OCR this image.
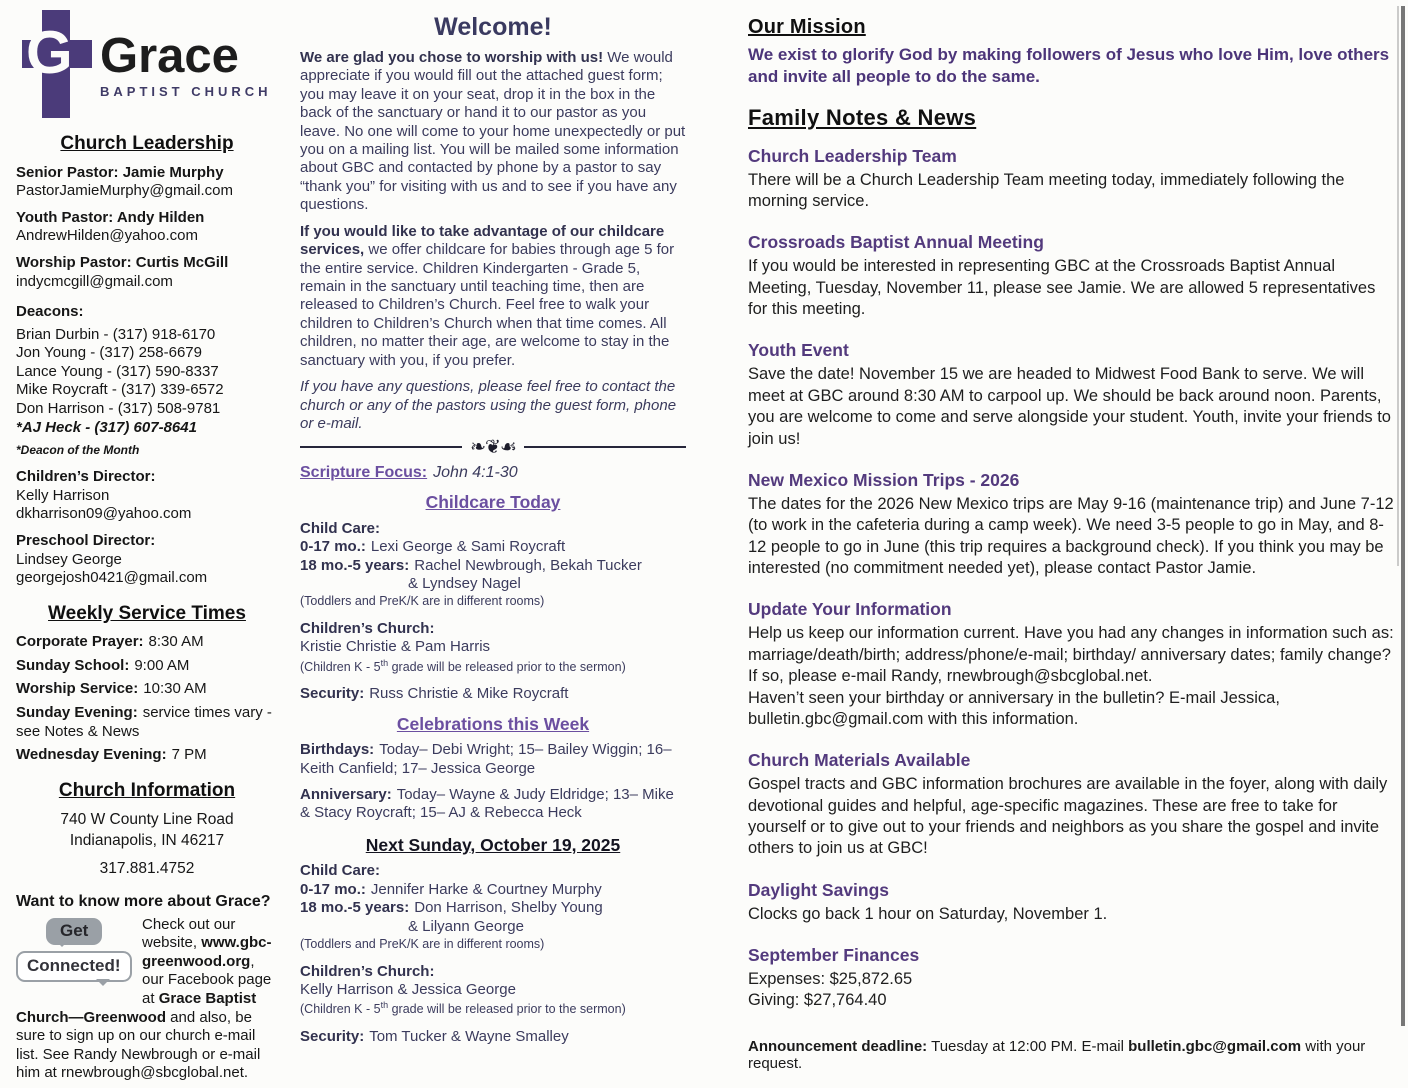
G Grace
BAPTIST CHURCH
Church Leadership
Senior Pastor: Jamie Murphy
PastorJamieMurphy@gmail.com
Youth Pastor: Andy Hilden
AndrewHilden@yahoo.com
Worship Pastor: Curtis McGill
indycmcgill@gmail.com
Deacons:
Brian Durbin - (317) 918-6170
Jon Young - (317) 258-6679
Lance Young - (317) 590-8337
Mike Roycraft - (317) 339-6572
Don Harrison - (317) 508-9781
*AJ Heck - (317) 607-8641
*Deacon of the Month
Children’s Director:
Kelly Harrison
dkharrison09@yahoo.com
Preschool Director:
Lindsey George
georgejosh0421@gmail.com
Weekly Service Times
Corporate Prayer: 8:30 AM
Sunday School: 9:00 AM
Worship Service: 10:30 AM
Sunday Evening: service times vary - see Notes & News
Wednesday Evening: 7 PM
Church Information
740 W County Line Road
Indianapolis, IN 46217
317.881.4752
Want to know more about Grace?
Get
Connected!
Check out our website, www.gbc-greenwood.org, our Facebook page at Grace Baptist Church—Greenwood and also, be sure to sign up on our church e-mail list. See Randy Newbrough or e-mail him at rnewbrough@sbcglobal.net.
Welcome!
We are glad you chose to worship with us! We would appreciate if you would fill out the attached guest form; you may leave it on your seat, drop it in the box in the back of the sanctuary or hand it to our pastor as you leave. No one will come to your home unexpectedly or put you on a mailing list. You will be mailed some information about GBC and contacted by phone by a pastor to say “thank you” for visiting with us and to see if you have any questions.
If you would like to take advantage of our childcare services, we offer childcare for babies through age 5 for the entire service. Children Kindergarten - Grade 5, remain in the sanctuary until teaching time, then are released to Children’s Church. Feel free to walk your children to Children’s Church when that time comes. All children, no matter their age, are welcome to stay in the sanctuary with you, if you prefer.
If you have any questions, please feel free to contact the church or any of the pastors using the guest form, phone or e-mail.
❧❦☙
Scripture Focus: John 4:1-30
Childcare Today
Child Care:
0-17 mo.: Lexi George & Sami Roycraft
18 mo.-5 years: Rachel Newbrough, Bekah Tucker
& Lyndsey Nagel
(Toddlers and PreK/K are in different rooms)
Children’s Church:
Kristie Christie & Pam Harris
(Children K - 5th grade will be released prior to the sermon)
Security: Russ Christie & Mike Roycraft
Celebrations this Week
Birthdays: Today– Debi Wright; 15– Bailey Wiggin; 16– Keith Canfield; 17– Jessica George
Anniversary: Today– Wayne & Judy Eldridge; 13– Mike & Stacy Roycraft; 15– AJ & Rebecca Heck
Next Sunday, October 19, 2025
Child Care:
0-17 mo.: Jennifer Harke & Courtney Murphy
18 mo.-5 years: Don Harrison, Shelby Young
& Lilyann George
(Toddlers and PreK/K are in different rooms)
Children’s Church:
Kelly Harrison & Jessica George
(Children K - 5th grade will be released prior to the sermon)
Security: Tom Tucker & Wayne Smalley
Our Mission
We exist to glorify God by making followers of Jesus who love Him, love others and invite all people to do the same.
Family Notes & News
Church Leadership Team

There will be a Church Leadership Team meeting today, immediately following the morning service.

Crossroads Baptist Annual Meeting

If you would be interested in representing GBC at the Crossroads Baptist Annual Meeting, Tuesday, November 11, please see Jamie. We are allowed 5 representatives for this meeting.

Youth Event

Save the date! November 15 we are headed to Midwest Food Bank to serve. We will meet at GBC around 8:30 AM to carpool up. We should be back around noon. Parents, you are welcome to come and serve alongside your student. Youth, invite your friends to join us!

New Mexico Mission Trips - 2026

The dates for the 2026 New Mexico trips are May 9-16 (maintenance trip) and June 7-12 (to work in the cafeteria during a camp week). We need 3-5 people to go in May, and 8-12 people to go in June (this trip requires a background check). If you think you may be interested (no commitment needed yet), please contact Pastor Jamie.

Update Your Information

Help us keep our information current. Have you had any changes in information such as: marriage/death/birth; address/phone/e-mail; birthday/ anniversary dates; family change? If so, please e-mail Randy, rnewbrough@sbcglobal.net.

Haven’t seen your birthday or anniversary in the bulletin? E-mail Jessica, bulletin.gbc@gmail.com with this information.

Church Materials Available

Gospel tracts and GBC information brochures are available in the foyer, along with daily devotional guides and helpful, age-specific magazines. These are free to take for yourself or to give out to your friends and neighbors as you share the gospel and invite others to join us at GBC!

Daylight Savings

Clocks go back 1 hour on Saturday, November 1.

September Finances

Expenses: $25,872.65

Giving: $27,764.40

Announcement deadline: Tuesday at 12:00 PM. E-mail bulletin.gbc@gmail.com with your request.
